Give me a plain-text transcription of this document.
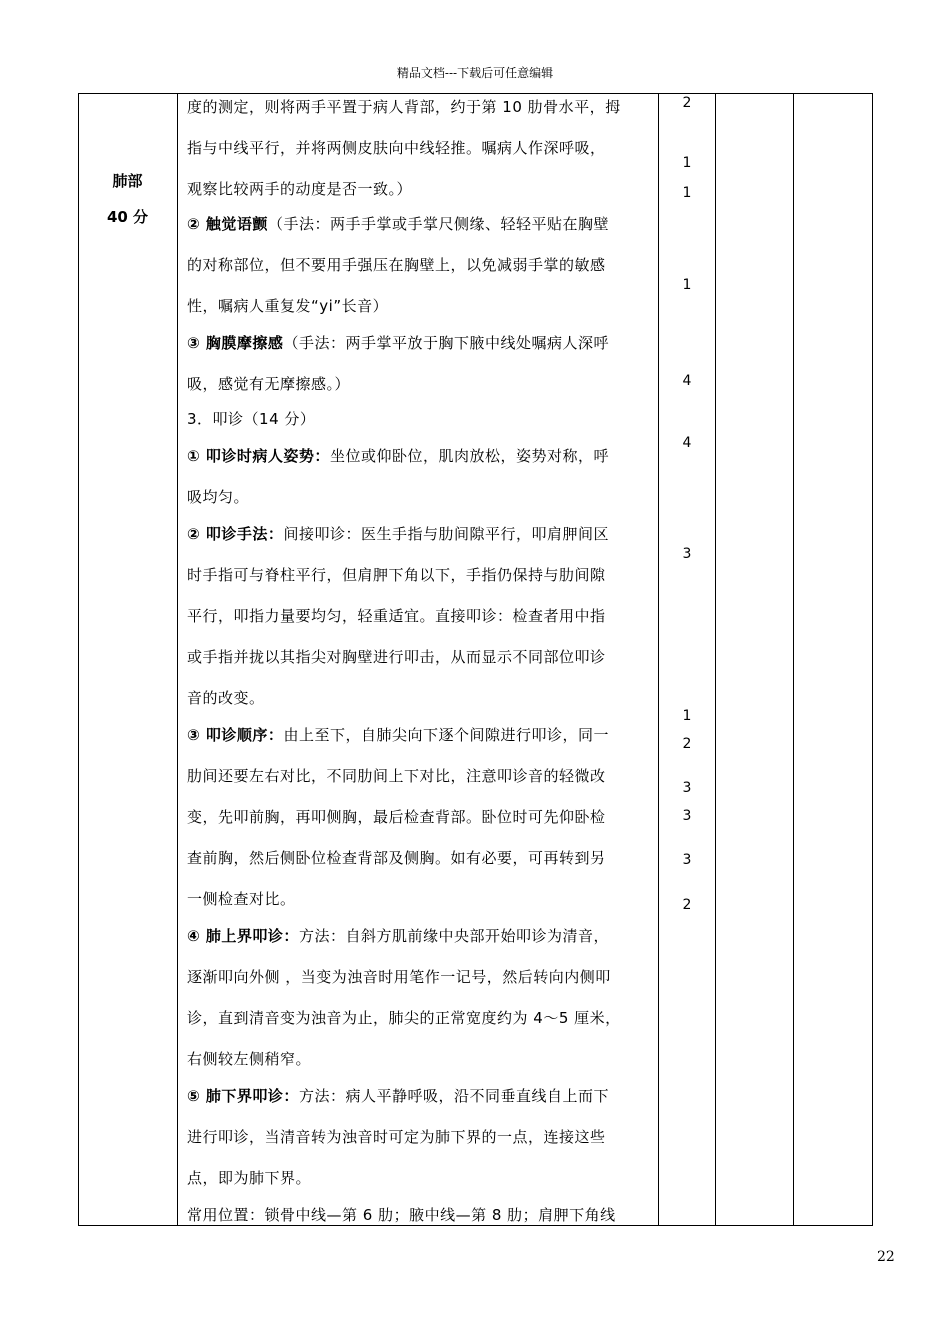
精品文档---下载后可任意编辑
肺部
40 分

度的测定，则将两手平置于病人背部，约于第 10 肋骨水平，拇

指与中线平行，并将两侧皮肤向中线轻推。嘱病人作深呼吸，

观察比较两手的动度是否一致。）

② 触觉语颤（手法：两手手掌或手掌尺侧缘、轻轻平贴在胸壁

的对称部位，但不要用手强压在胸壁上，以免减弱手掌的敏感

性，嘱病人重复发“yi”长音）

③ 胸膜摩擦感（手法：两手掌平放于胸下腋中线处嘱病人深呼

吸，感觉有无摩擦感。）

3．叩诊（14 分）

① 叩诊时病人姿势：坐位或仰卧位，肌肉放松，姿势对称，呼

吸均匀。

② 叩诊手法：间接叩诊：医生手指与肋间隙平行，叩肩胛间区

时手指可与脊柱平行，但肩胛下角以下，手指仍保持与肋间隙

平行，叩指力量要均匀，轻重适宜。直接叩诊：检查者用中指

或手指并拢以其指尖对胸壁进行叩击，从而显示不同部位叩诊

音的改变。

③ 叩诊顺序：由上至下，自肺尖向下逐个间隙进行叩诊，同一

肋间还要左右对比，不同肋间上下对比，注意叩诊音的轻微改

变，先叩前胸，再叩侧胸，最后检查背部。卧位时可先仰卧检

查前胸，然后侧卧位检查背部及侧胸。如有必要，可再转到另

一侧检查对比。

④ 肺上界叩诊：方法：自斜方肌前缘中央部开始叩诊为清音，

逐渐叩向外侧 ，当变为浊音时用笔作一记号，然后转向内侧叩

诊，直到清音变为浊音为止，肺尖的正常宽度约为 4～5 厘米，

右侧较左侧稍窄。

⑤ 肺下界叩诊：方法：病人平静呼吸，沿不同垂直线自上而下

进行叩诊，当清音转为浊音时可定为肺下界的一点，连接这些

点，即为肺下界。

常用位置：锁骨中线—第 6 肋；腋中线—第 8 肋；肩胛下角线

2
1
1
1
4
4
3
1
2
3
3
3
2
22
